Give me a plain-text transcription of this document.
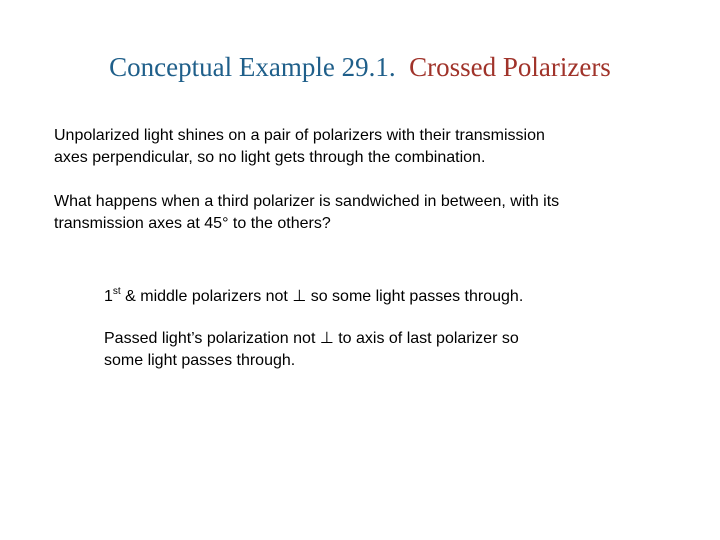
Conceptual Example 29.1. Crossed Polarizers

Unpolarized light shines on a pair of polarizers with their transmission
axes perpendicular, so no light gets through the combination.

What happens when a third polarizer is sandwiched in between, with its
transmission axes at 45° to the others?

1st & middle polarizers not ⊥ so some light passes through.

Passed light’s polarization not ⊥ to axis of last polarizer so
some light passes through.
